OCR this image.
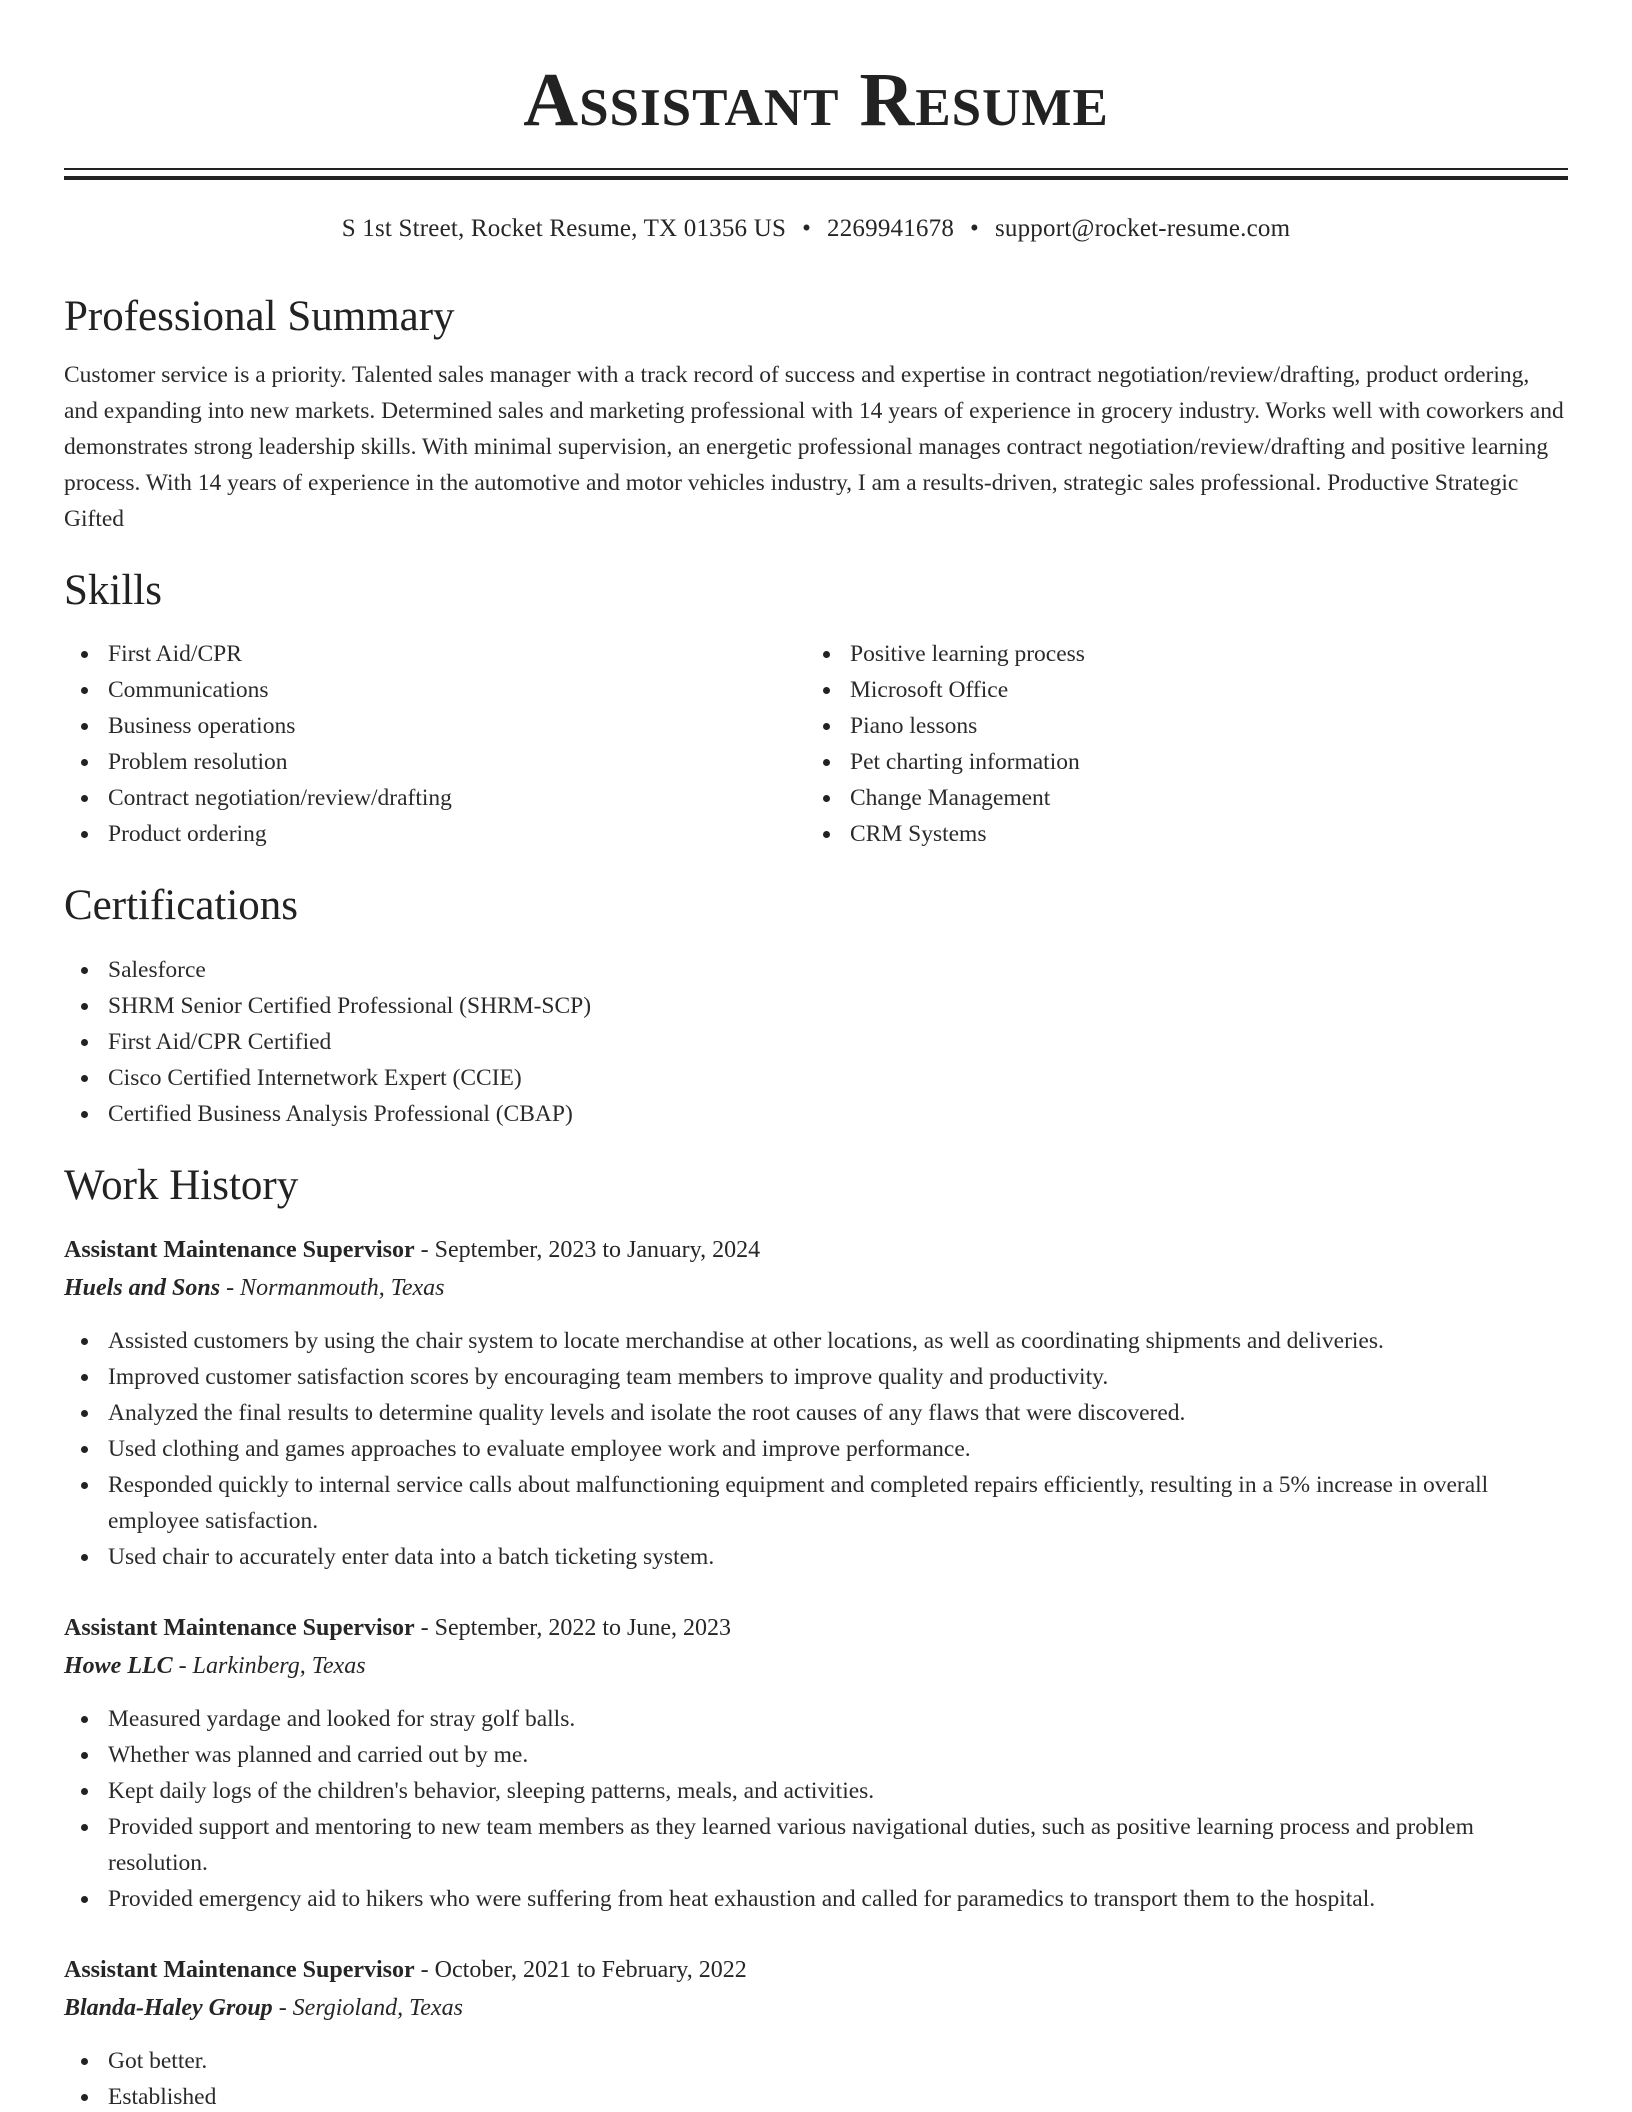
Assistant Resume
S 1st Street, Rocket Resume, TX 01356 US • 2269941678 • support@rocket-resume.com
Professional Summary

Customer service is a priority. Talented sales manager with a track record of success and expertise in contract negotiation/review/drafting, product ordering, and expanding into new markets. Determined sales and marketing professional with 14 years of experience in grocery industry. Works well with coworkers and demonstrates strong leadership skills. With minimal supervision, an energetic professional manages contract negotiation/review/drafting and positive learning process. With 14 years of experience in the automotive and motor vehicles industry, I am a results-driven, strategic sales professional. Productive Strategic Gifted

Skills
First Aid/CPR
Communications
Business operations
Problem resolution
Contract negotiation/review/drafting
Product ordering
Positive learning process
Microsoft Office
Piano lessons
Pet charting information
Change Management
CRM Systems
Certifications
Salesforce
SHRM Senior Certified Professional (SHRM-SCP)
First Aid/CPR Certified
Cisco Certified Internetwork Expert (CCIE)
Certified Business Analysis Professional (CBAP)
Work History
Assistant Maintenance Supervisor - September, 2023 to January, 2024
Huels and Sons - Normanmouth, Texas
Assisted customers by using the chair system to locate merchandise at other locations, as well as coordinating shipments and deliveries.
Improved customer satisfaction scores by encouraging team members to improve quality and productivity.
Analyzed the final results to determine quality levels and isolate the root causes of any flaws that were discovered.
Used clothing and games approaches to evaluate employee work and improve performance.
Responded quickly to internal service calls about malfunctioning equipment and completed repairs efficiently, resulting in a 5% increase in overall employee satisfaction.
Used chair to accurately enter data into a batch ticketing system.
Assistant Maintenance Supervisor - September, 2022 to June, 2023
Howe LLC - Larkinberg, Texas
Measured yardage and looked for stray golf balls.
Whether was planned and carried out by me.
Kept daily logs of the children's behavior, sleeping patterns, meals, and activities.
Provided support and mentoring to new team members as they learned various navigational duties, such as positive learning process and problem resolution.
Provided emergency aid to hikers who were suffering from heat exhaustion and called for paramedics to transport them to the hospital.
Assistant Maintenance Supervisor - October, 2021 to February, 2022
Blanda-Haley Group - Sergioland, Texas
Got better.
Established
